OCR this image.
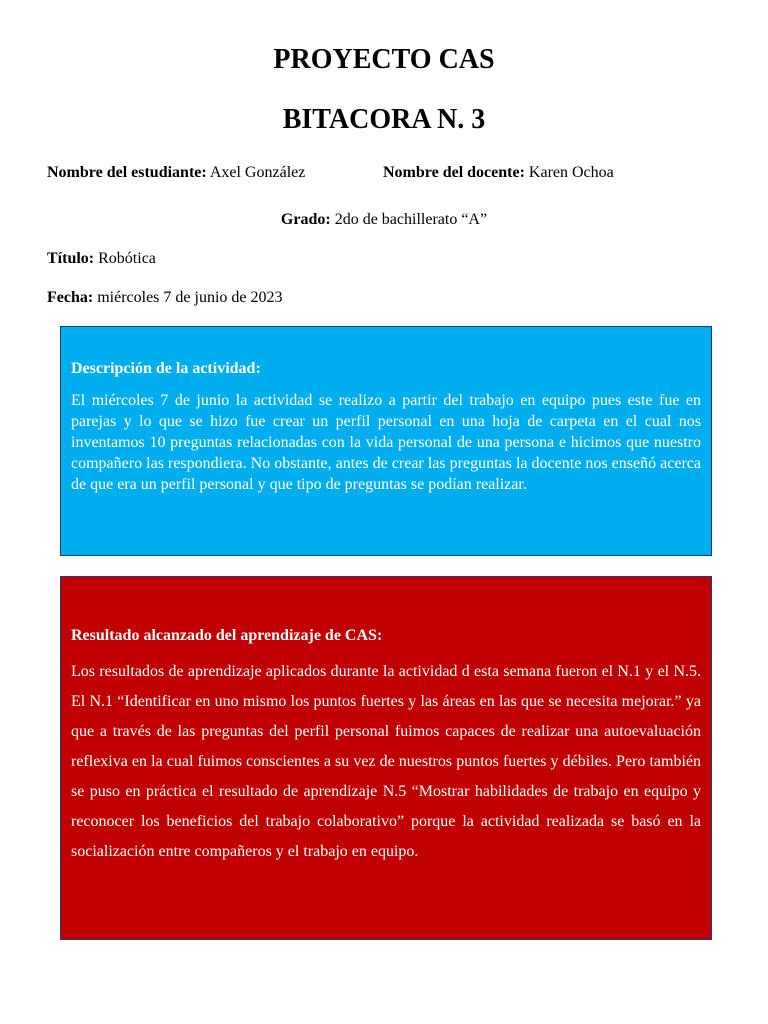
PROYECTO CAS
BITACORA N. 3
Nombre del estudiante: Axel González	Nombre del docente: Karen Ochoa
Grado: 2do de bachillerato “A”
Título: Robótica
Fecha: miércoles 7 de junio de 2023
Descripción de la actividad:

El miércoles 7 de junio la actividad se realizo a partir del trabajo en equipo pues este fue en parejas y lo que se hizo fue crear un perfil personal en una hoja de carpeta en el cual nos inventamos 10 preguntas relacionadas con la vida personal de una persona e hicimos que nuestro compañero las respondiera. No obstante, antes de crear las preguntas la docente nos enseñó acerca de que era un perfil personal y que tipo de preguntas se podían realizar.

Resultado alcanzado del aprendizaje de CAS:

Los resultados de aprendizaje aplicados durante la actividad d esta semana fueron el N.1 y el N.5. El N.1 “Identificar en uno mismo los puntos fuertes y las áreas en las que se necesita mejorar.” ya que a través de las preguntas del perfil personal fuimos capaces de realizar una autoevaluación reflexiva en la cual fuimos conscientes a su vez de nuestros puntos fuertes y débiles. Pero también se puso en práctica el resultado de aprendizaje N.5 “Mostrar habilidades de trabajo en equipo y reconocer los beneficios del trabajo colaborativo” porque la actividad realizada se basó en la socialización entre compañeros y el trabajo en equipo.
